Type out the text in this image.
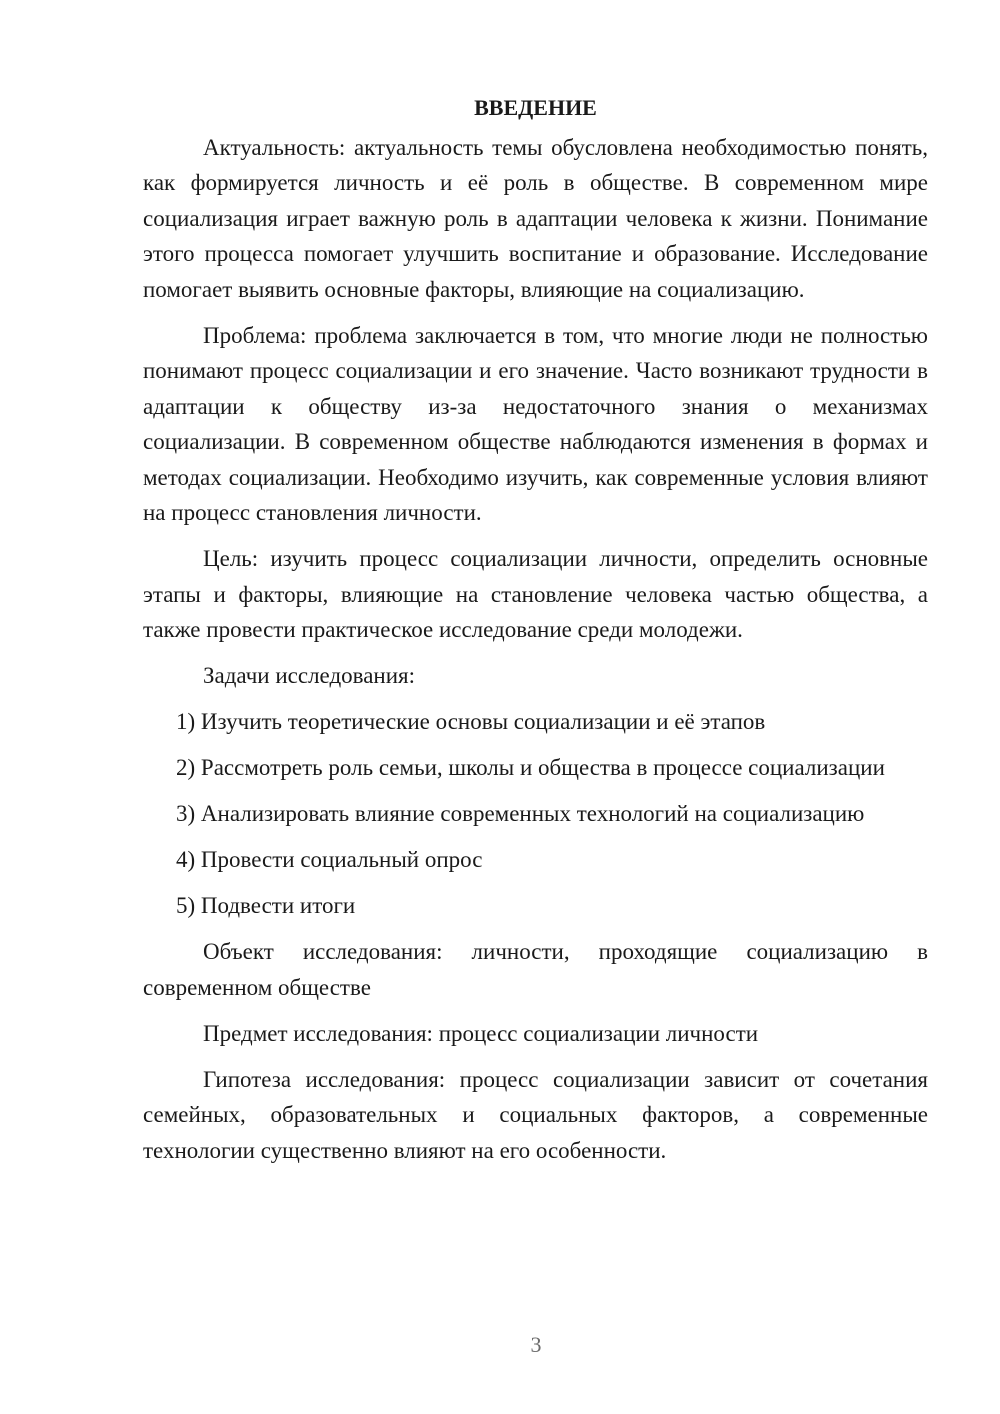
ВВЕДЕНИЕ

Актуальность: актуальность темы обусловлена необходимостью понять, как формируется личность и её роль в обществе. В современном мире социализация играет важную роль в адаптации человека к жизни. Понимание этого процесса помогает улучшить воспитание и образование. Исследование помогает выявить основные факторы, влияющие на социализацию.

Проблема: проблема заключается в том, что многие люди не полностью понимают процесс социализации и его значение. Часто возникают трудности в адаптации к обществу из-за недостаточного знания о механизмах социализации. В современном обществе наблюдаются изменения в формах и методах социализации. Необходимо изучить, как современные условия влияют на процесс становления личности.

Цель: изучить процесс социализации личности, определить основные этапы и факторы, влияющие на становление человека частью общества, а также провести практическое исследование среди молодежи.

Задачи исследования:

1) Изучить теоретические основы социализации и её этапов

2) Рассмотреть роль семьи, школы и общества в процессе социализации

3) Анализировать влияние современных технологий на социализацию

4) Провести социальный опрос

5) Подвести итоги

Объект исследования: личности, проходящие социализацию в современном обществе

Предмет исследования: процесс социализации личности

Гипотеза исследования: процесс социализации зависит от сочетания семейных, образовательных и социальных факторов, а современные технологии существенно влияют на его особенности.

3
